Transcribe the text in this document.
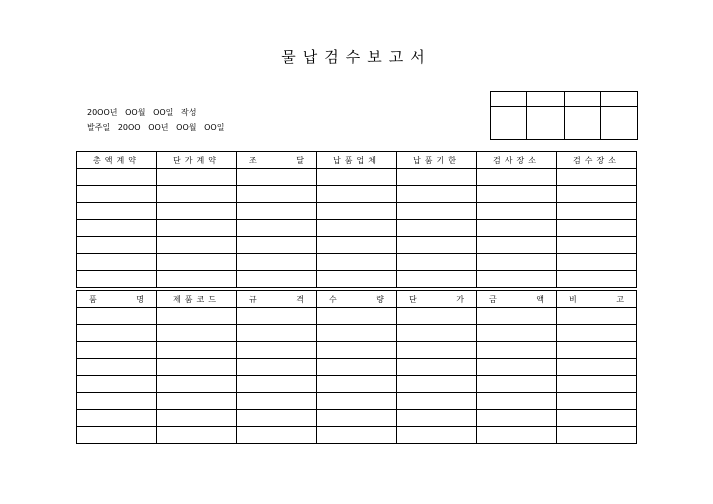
물납검수보고서
20OO년   OO월   OO일   작성
발주일   20OO   OO년   OO월   OO일

총액계약	단가계약	조 달	납품업체	납품기한	검사장소	검수장소

품 명	제품코드	규 격	수 량	단 가	금 액	비 고
